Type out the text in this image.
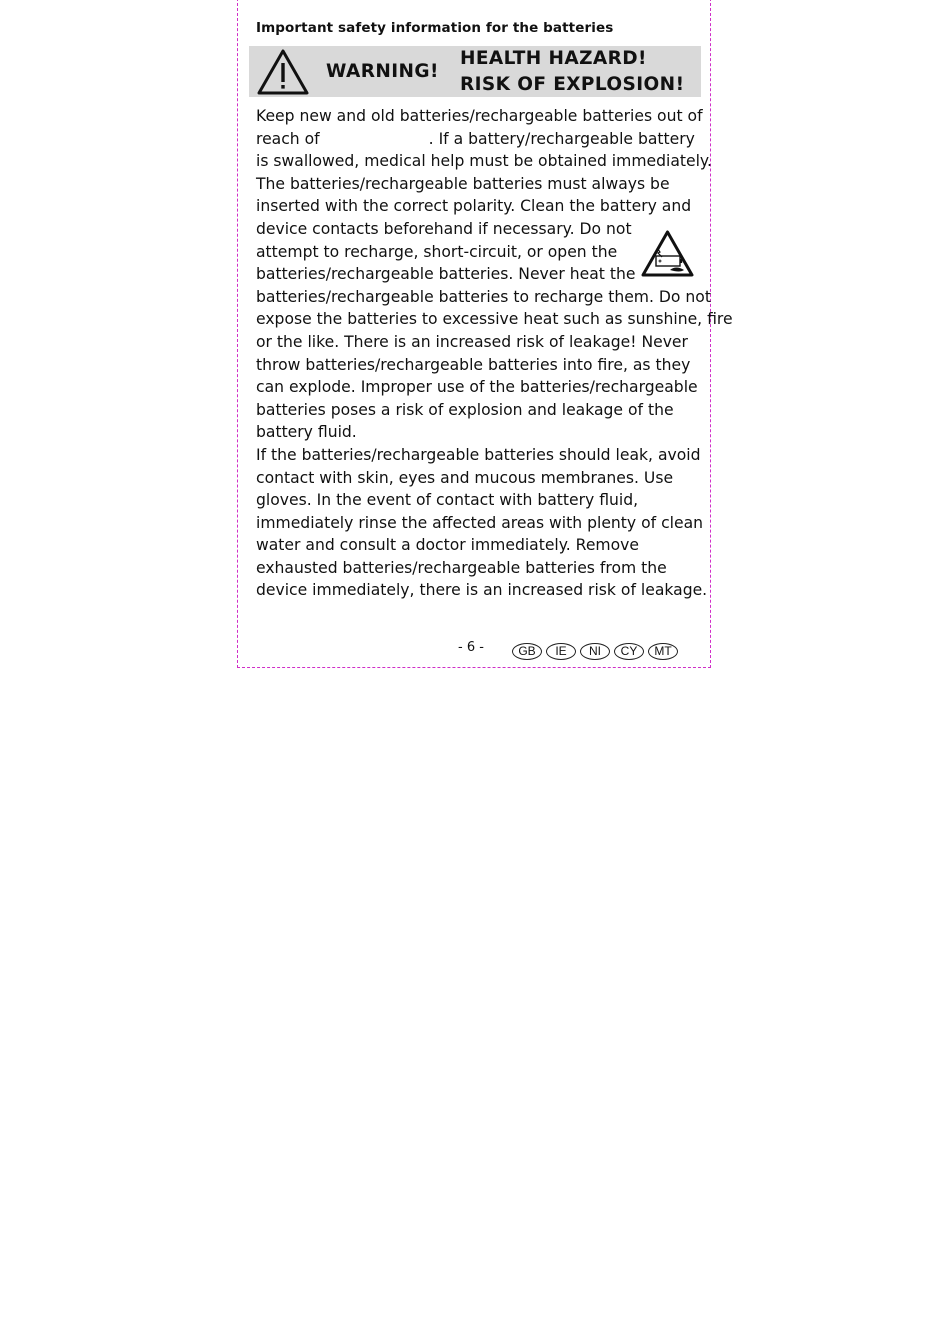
Important safety information for the batteries
WARNING!
HEALTH HAZARD!
RISK OF EXPLOSION!
Keep new and old batteries/rechargeable batteries out of
reach of	. If a battery/rechargeable battery
is swallowed, medical help must be obtained immediately.
The batteries/rechargeable batteries must always be
inserted with the correct polarity. Clean the battery and
device contacts beforehand if necessary. Do not
attempt to recharge, short-circuit, or open the
batteries/rechargeable batteries. Never heat the
batteries/rechargeable batteries to recharge them. Do not
expose the batteries to excessive heat such as sunshine, fire
or the like. There is an increased risk of leakage! Never
throw batteries/rechargeable batteries into fire, as they
can explode. Improper use of the batteries/rechargeable
batteries poses a risk of explosion and leakage of the
battery fluid.
If the batteries/rechargeable batteries should leak, avoid
contact with skin, eyes and mucous membranes. Use
gloves. In the event of contact with battery fluid,
immediately rinse the affected areas with plenty of clean
water and consult a doctor immediately. Remove
exhausted batteries/rechargeable batteries from the
device immediately, there is an increased risk of leakage.
- 6 -	GB	IE	NI	CY	MT
